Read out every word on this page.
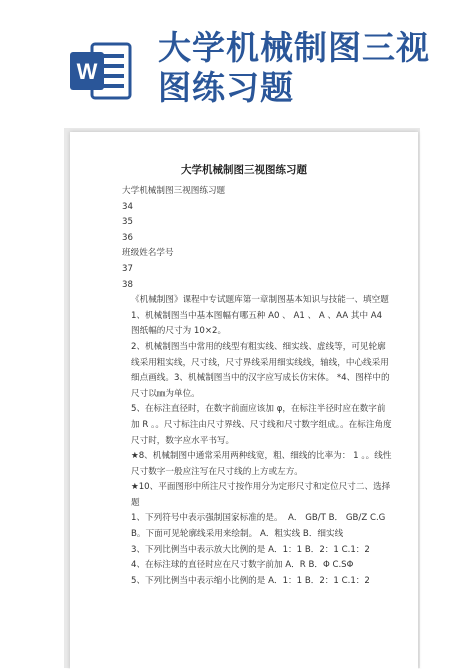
W
大学机械制图三视图练习题
大学机械制图三视图练习题
大学机械制图三视图练习题
34
35
36
班级姓名学号
37
38
《机械制图》课程中专试题库第一章制图基本知识与技能一、填空题
1、机械制图当中基本图幅有哪五种 A0 、 A1 、 A 、AA 其中 A4 图纸幅的尺寸为 10×2。
2、机械制图当中常用的线型有粗实线、细实线、虚线等，可见轮廓线采用粗实线，尺寸线，尺寸界线采用细实线线，轴线，中心线采用细点画线。3、机械制图当中的汉字应写成长仿宋体。 *4、图样中的尺寸以㎜为单位。
5、在标注直径时，在数字前面应该加 φ，在标注半径时应在数字前加 R 。。尺寸标注由尺寸界线、尺寸线和尺寸数字组成。。在标注角度尺寸时，数字应水平书写。
★8、机械制图中通常采用两种线宽，粗、细线的比率为： 1 。。线性尺寸数字一般应注写在尺寸线的上方或左方。
★10、平面图形中所注尺寸按作用分为定形尺寸和定位尺寸二、选择题
1、下列符号中表示强制国家标准的是。  A． GB/T B． GB/Z C.GB。下面可见轮廓线采用来绘制。 A．粗实线 B．细实线
3、下列比例当中表示放大比例的是 A．1：1 B．2：1 C.1：2
4、在标注球的直径时应在尺寸数字前加 A．R B．Φ C.SΦ
5、下列比例当中表示缩小比例的是 A．1：1 B．2：1 C.1：2
